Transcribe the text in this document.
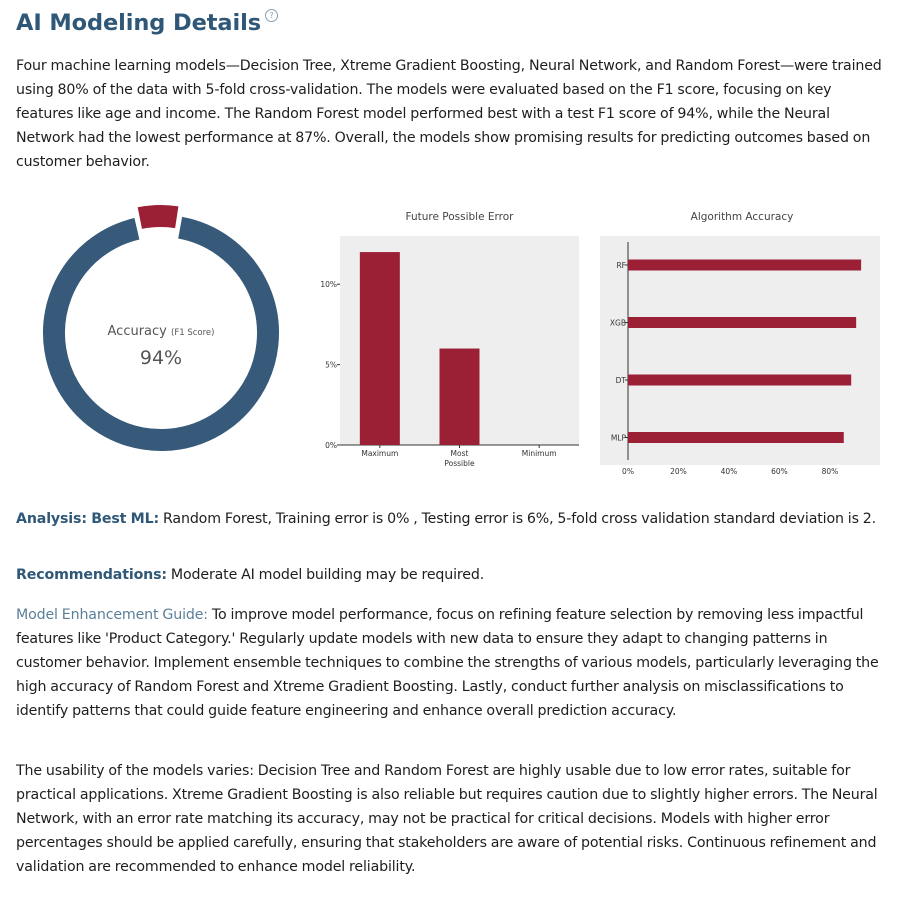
AI Modeling Details	?

Four machine learning models—Decision Tree, Xtreme Gradient Boosting, Neural Network, and Random Forest—were trained using 80% of the data with 5-fold cross-validation. The models were evaluated based on the F1 score, focusing on key features like age and income. The Random Forest model performed best with a test F1 score of 94%, while the Neural Network had the lowest performance at 87%. Overall, the models show promising results for predicting outcomes based on customer behavior.

Accuracy (F1 Score)
94%
Future Possible Error
0%
5%
10%
Maximum	Most
Possible
Minimum
Algorithm Accuracy
RF
XGB
DT
MLP
0%	20%	40%	60%	80%

Analysis: Best ML: Random Forest, Training error is 0% , Testing error is 6%, 5-fold cross validation standard deviation is 2.

Recommendations: Moderate AI model building may be required.

Model Enhancement Guide: To improve model performance, focus on refining feature selection by removing less impactful features like 'Product Category.' Regularly update models with new data to ensure they adapt to changing patterns in customer behavior. Implement ensemble techniques to combine the strengths of various models, particularly leveraging the high accuracy of Random Forest and Xtreme Gradient Boosting. Lastly, conduct further analysis on misclassifications to identify patterns that could guide feature engineering and enhance overall prediction accuracy.

The usability of the models varies: Decision Tree and Random Forest are highly usable due to low error rates, suitable for practical applications. Xtreme Gradient Boosting is also reliable but requires caution due to slightly higher errors. The Neural Network, with an error rate matching its accuracy, may not be practical for critical decisions. Models with higher error percentages should be applied carefully, ensuring that stakeholders are aware of potential risks. Continuous refinement and validation are recommended to enhance model reliability.
